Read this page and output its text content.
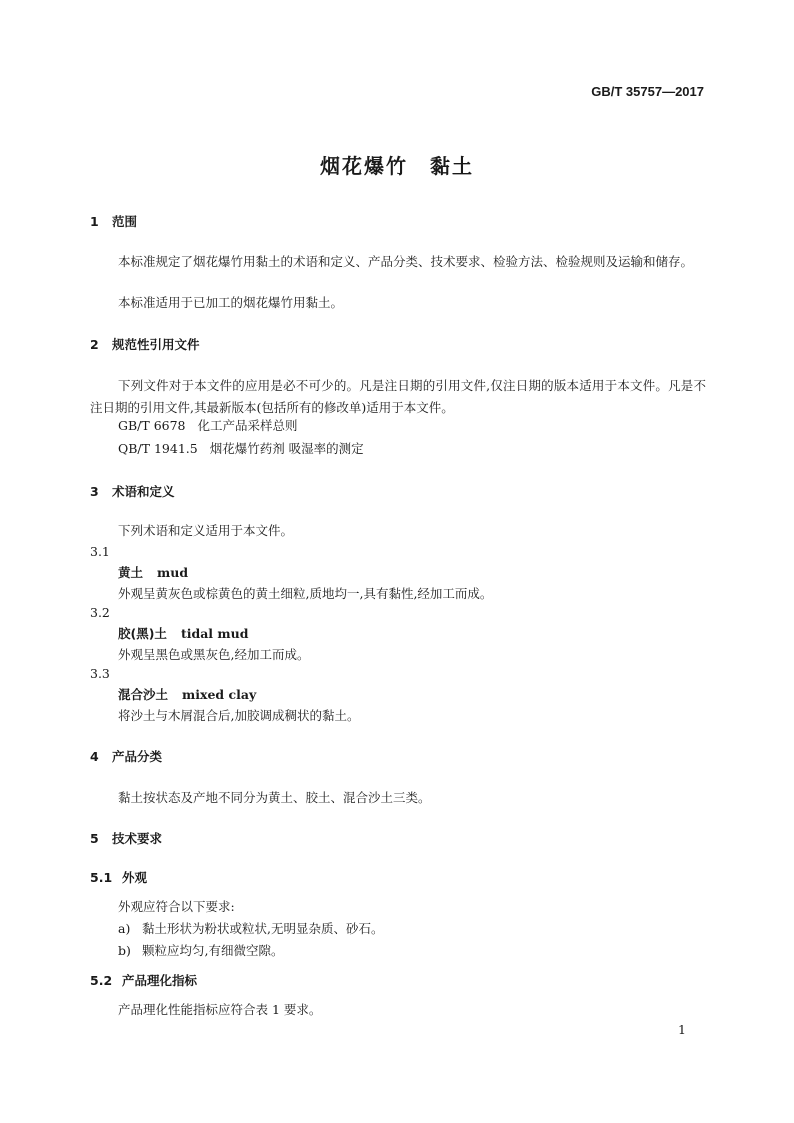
GB/T 35757—2017
烟花爆竹 黏土
1 范围
本标准规定了烟花爆竹用黏土的术语和定义、产品分类、技术要求、检验方法、检验规则及运输和储存。
本标准适用于已加工的烟花爆竹用黏土。
2 规范性引用文件
下列文件对于本文件的应用是必不可少的。凡是注日期的引用文件,仅注日期的版本适用于本文件。凡是不注日期的引用文件,其最新版本(包括所有的修改单)适用于本文件。
GB/T 6678 化工产品采样总则
QB/T 1941.5 烟花爆竹药剂 吸湿率的测定
3 术语和定义
下列术语和定义适用于本文件。
3.1
黄土 mud
外观呈黄灰色或棕黄色的黄土细粒,质地均一,具有黏性,经加工而成。
3.2
胶(黑)土 tidal mud
外观呈黑色或黑灰色,经加工而成。
3.3
混合沙土 mixed clay
将沙土与木屑混合后,加胶调成稠状的黏土。
4 产品分类
黏土按状态及产地不同分为黄土、胶土、混合沙土三类。
5 技术要求
5.1 外观
外观应符合以下要求:
a) 黏土形状为粉状或粒状,无明显杂质、砂石。
b) 颗粒应均匀,有细微空隙。
5.2 产品理化指标
产品理化性能指标应符合表 1 要求。
1
